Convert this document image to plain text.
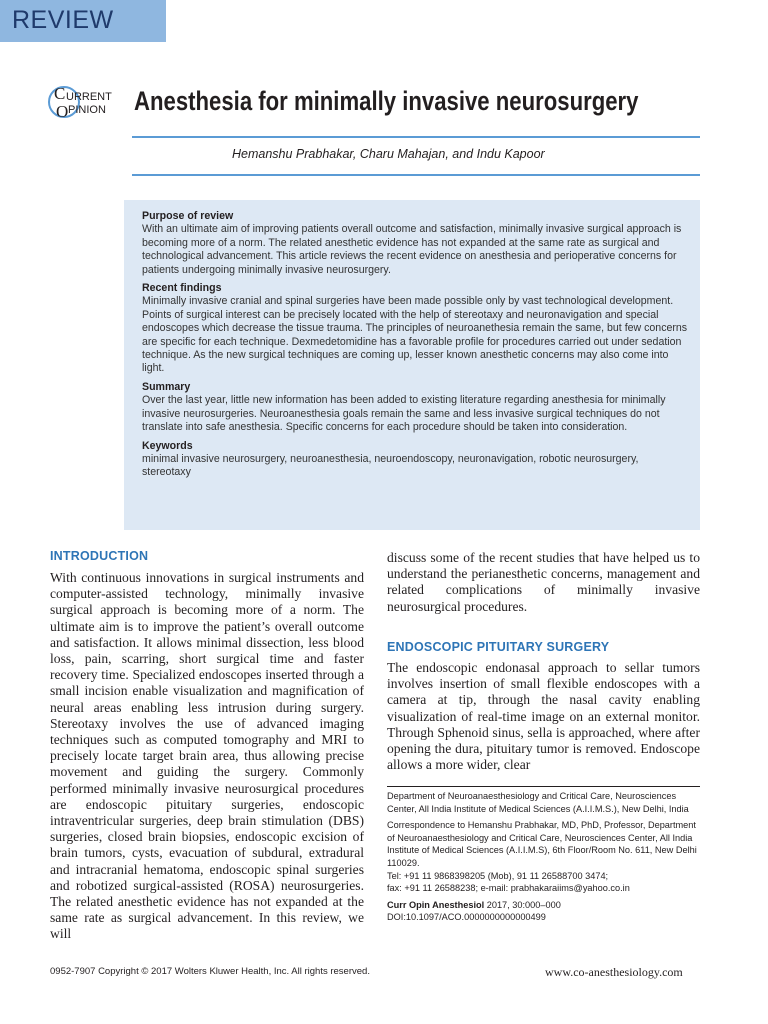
REVIEW
C
O
URRENT
PINION Anesthesia for minimally invasive neurosurgery
Hemanshu Prabhakar, Charu Mahajan, and Indu Kapoor
Purpose of review

With an ultimate aim of improving patients overall outcome and satisfaction, minimally invasive surgical approach is becoming more of a norm. The related anesthetic evidence has not expanded at the same rate as surgical and technological advancement. This article reviews the recent evidence on anesthesia and perioperative concerns for patients undergoing minimally invasive neurosurgery.

Recent findings

Minimally invasive cranial and spinal surgeries have been made possible only by vast technological development. Points of surgical interest can be precisely located with the help of stereotaxy and neuronavigation and special endoscopes which decrease the tissue trauma. The principles of neuroanethesia remain the same, but few concerns are specific for each technique. Dexmedetomidine has a favorable profile for procedures carried out under sedation technique. As the new surgical techniques are coming up, lesser known anesthetic concerns may also come into light.

Summary

Over the last year, little new information has been added to existing literature regarding anesthesia for minimally invasive neurosurgeries. Neuroanesthesia goals remain the same and less invasive surgical techniques do not translate into safe anesthesia. Specific concerns for each procedure should be taken into consideration.

Keywords

minimal invasive neurosurgery, neuroanesthesia, neuroendoscopy, neuronavigation, robotic neurosurgery, stereotaxy

INTRODUCTION

With continuous innovations in surgical instruments and computer-assisted technology, minimally invasive surgical approach is becoming more of a norm. The ultimate aim is to improve the patient’s overall outcome and satisfaction. It allows minimal dissection, less blood loss, pain, scarring, short surgical time and faster recovery time. Specialized endoscopes inserted through a small incision enable visualization and magnification of neural areas enabling less intrusion during surgery. Stereotaxy involves the use of advanced imaging techniques such as computed tomography and MRI to precisely locate target brain area, thus allowing precise movement and guiding the surgery. Commonly performed minimally invasive neurosurgical procedures are endoscopic pituitary surgeries, endoscopic intraventricular surgeries, deep brain stimulation (DBS) surgeries, closed brain biopsies, endoscopic excision of brain tumors, cysts, evacuation of subdural, extradural and intracranial hematoma, endoscopic spinal surgeries and robotized surgical-assisted (ROSA) neurosurgeries. The related anesthetic evidence has not expanded at the same rate as surgical advancement. In this review, we will

discuss some of the recent studies that have helped us to understand the perianesthetic concerns, management and related complications of minimally invasive neurosurgical procedures.

ENDOSCOPIC PITUITARY SURGERY

The endoscopic endonasal approach to sellar tumors involves insertion of small flexible endoscopes with a camera at tip, through the nasal cavity enabling visualization of real-time image on an external monitor. Through Sphenoid sinus, sella is approached, where after opening the dura, pituitary tumor is removed. Endoscope allows a more wider, clear

Department of Neuroanaesthesiology and Critical Care, Neurosciences Center, All India Institute of Medical Sciences (A.I.I.M.S.), New Delhi, India

Correspondence to Hemanshu Prabhakar, MD, PhD, Professor, Department of Neuroanaesthesiology and Critical Care, Neurosciences Center, All India Institute of Medical Sciences (A.I.I.M.S), 6th Floor/Room No. 611, New Delhi 110029.

Tel: +91 11 9868398205 (Mob), 91 11 26588700 3474;

fax: +91 11 26588238; e-mail: prabhakaraiims@yahoo.co.in

Curr Opin Anesthesiol 2017, 30:000–000

DOI:10.1097/ACO.0000000000000499

0952-7907 Copyright © 2017 Wolters Kluwer Health, Inc. All rights reserved.	www.co-anesthesiology.com
